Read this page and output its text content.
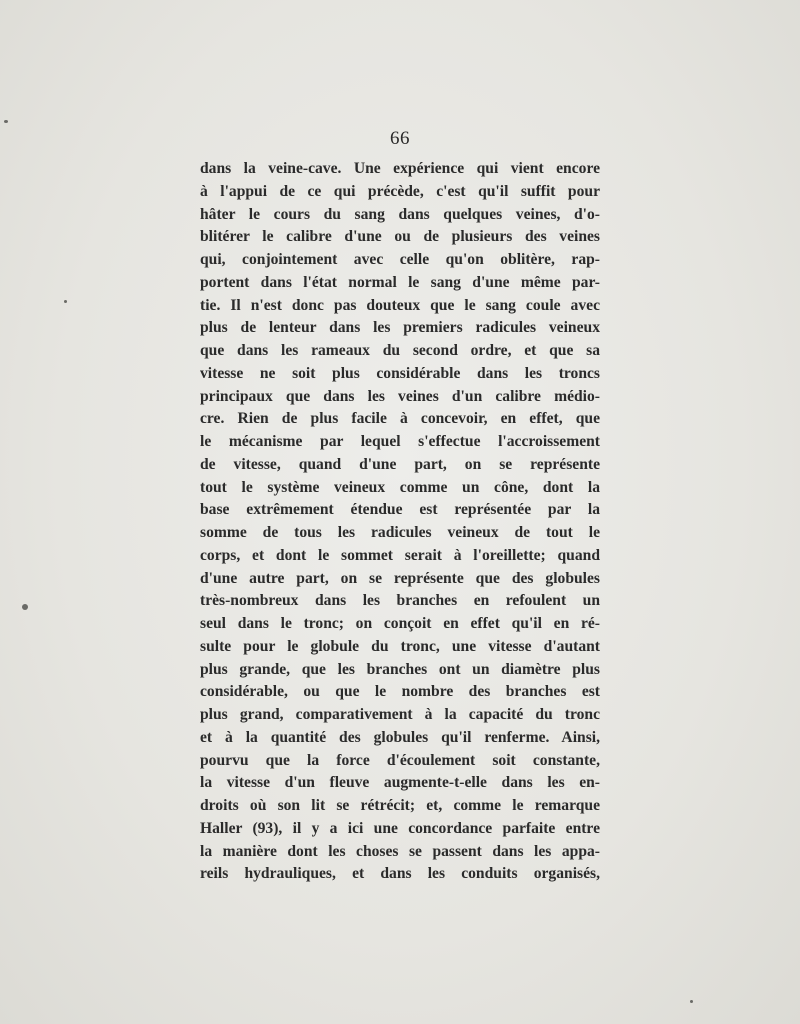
66
dans la veine-cave. Une expérience qui vient encore
à l'appui de ce qui précède, c'est qu'il suffit pour
hâter le cours du sang dans quelques veines, d'o-
blitérer le calibre d'une ou de plusieurs des veines
qui, conjointement avec celle qu'on oblitère, rap-
portent dans l'état normal le sang d'une même par-
tie. Il n'est donc pas douteux que le sang coule avec
plus de lenteur dans les premiers radicules veineux
que dans les rameaux du second ordre, et que sa
vitesse ne soit plus considérable dans les troncs
principaux que dans les veines d'un calibre médio-
cre. Rien de plus facile à concevoir, en effet, que
le mécanisme par lequel s'effectue l'accroissement
de vitesse, quand d'une part, on se représente
tout le système veineux comme un cône, dont la
base extrêmement étendue est représentée par la
somme de tous les radicules veineux de tout le
corps, et dont le sommet serait à l'oreillette; quand
d'une autre part, on se représente que des globules
très-nombreux dans les branches en refoulent un
seul dans le tronc; on conçoit en effet qu'il en ré-
sulte pour le globule du tronc, une vitesse d'autant
plus grande, que les branches ont un diamètre plus
considérable, ou que le nombre des branches est
plus grand, comparativement à la capacité du tronc
et à la quantité des globules qu'il renferme. Ainsi,
pourvu que la force d'écoulement soit constante,
la vitesse d'un fleuve augmente-t-elle dans les en-
droits où son lit se rétrécit; et, comme le remarque
Haller (93), il y a ici une concordance parfaite entre
la manière dont les choses se passent dans les appa-
reils hydrauliques, et dans les conduits organisés,
